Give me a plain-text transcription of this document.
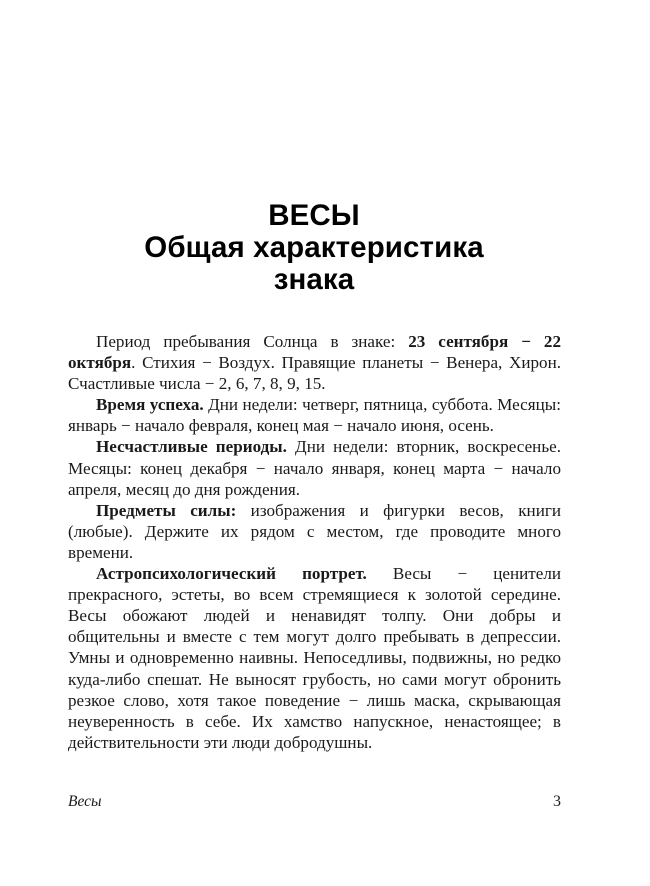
ВЕСЫ
Общая характеристика
знака

Период пребывания Солнца в знаке: 23 сентября − 22 октября. Стихия − Воздух. Правящие планеты − Венера, Хирон. Счастливые числа − 2, 6, 7, 8, 9, 15.

Время успеха. Дни недели: четверг, пятница, суббота. Месяцы: январь − начало февраля, конец мая − начало июня, осень.

Несчастливые периоды. Дни недели: вторник, воскресенье. Месяцы: конец декабря − начало января, конец марта − начало апреля, месяц до дня рождения.

Предметы силы: изображения и фигурки весов, книги (любые). Держите их рядом с местом, где проводите много времени.

Астропсихологический портрет. Весы − ценители прекрасного, эстеты, во всем стремящиеся к золотой середине. Весы обожают людей и ненавидят толпу. Они добры и общительны и вместе с тем могут долго пребывать в депрессии. Умны и одновременно наивны. Непоседливы, подвижны, но редко куда-либо спешат. Не выносят грубость, но сами могут обронить резкое слово, хотя такое поведение − лишь маска, скрывающая неуверенность в себе. Их хамство напускное, ненастоящее; в действительности эти люди добродушны.

Весы	3
